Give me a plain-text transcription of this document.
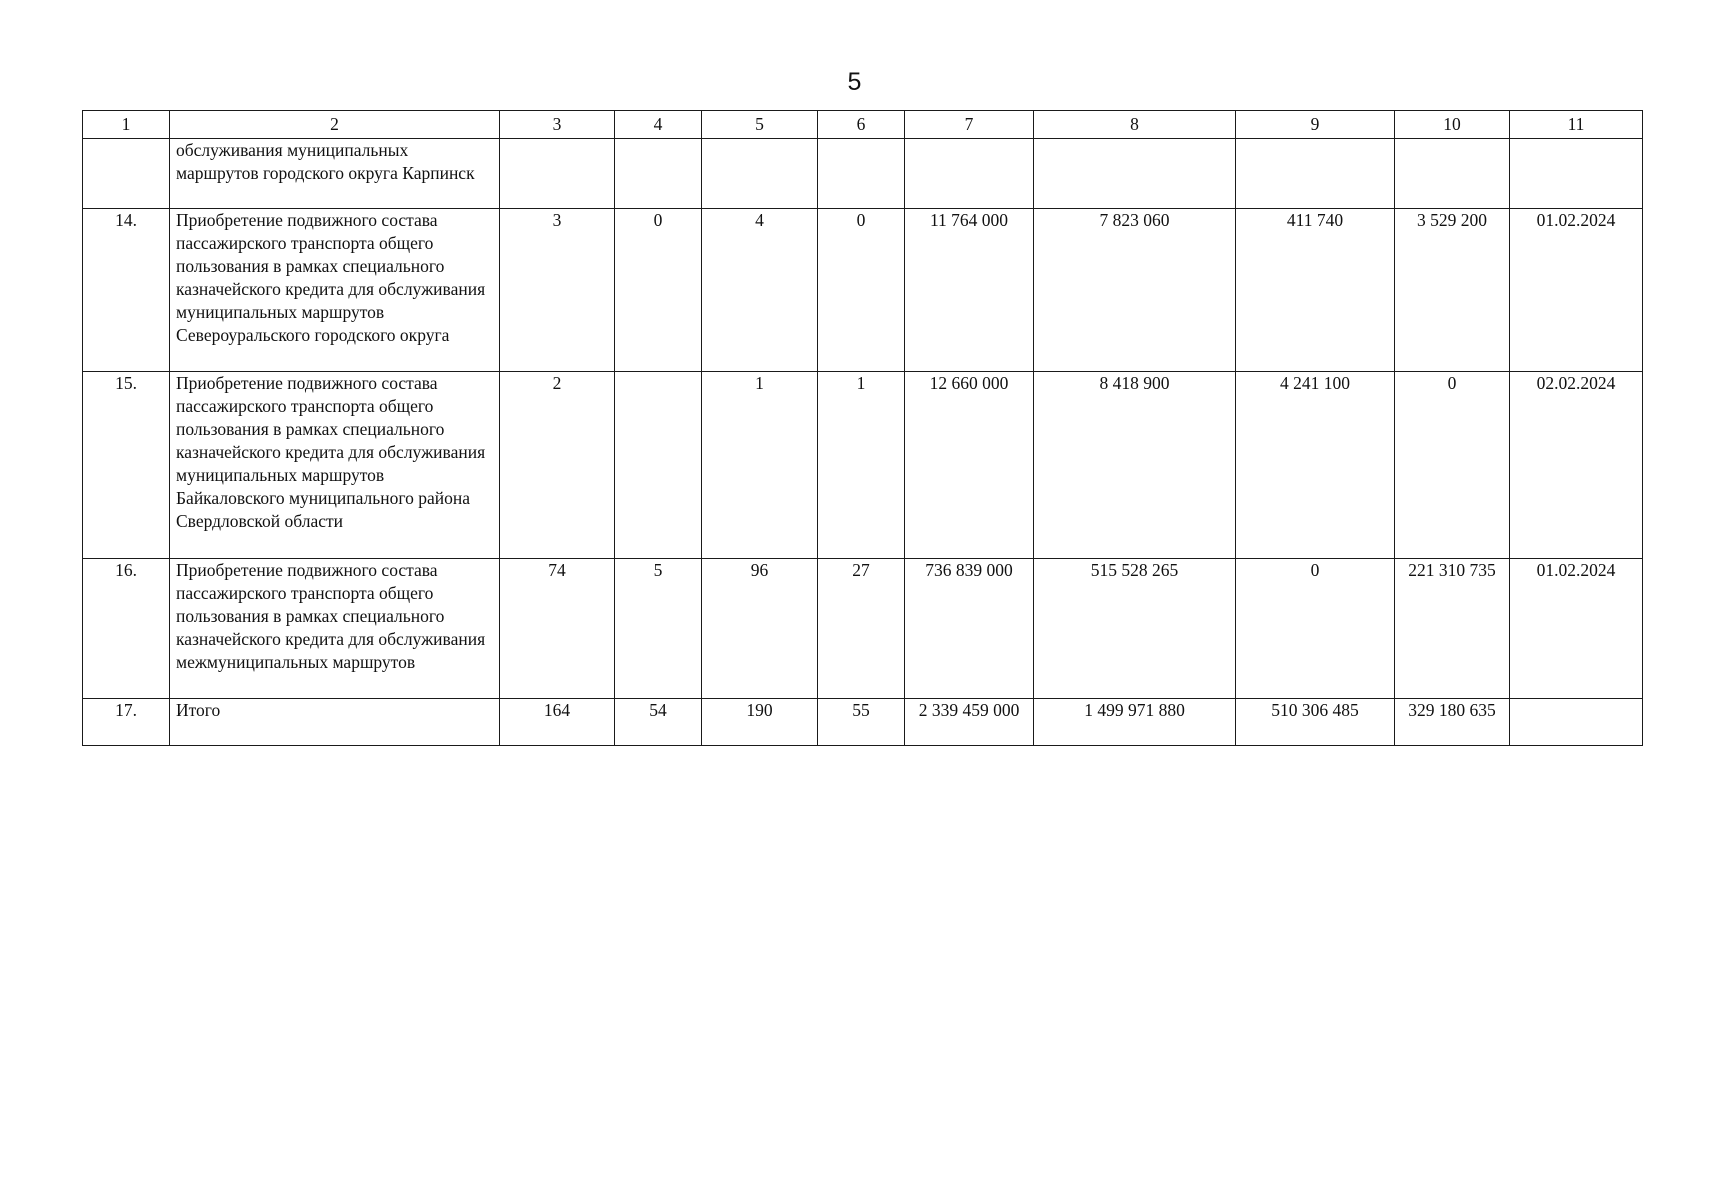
5
1	2	3	4	5	6	7	8	9	10	11
	обслуживания муниципальных маршрутов городского округа Карпинск									
14.	Приобретение подвижного состава пассажирского транспорта общего пользования в рамках специального казначейского кредита для обслуживания муниципальных маршрутов Североуральского городского округа	3	0	4	0	11 764 000	7 823 060	411 740	3 529 200	01.02.2024
15.	Приобретение подвижного состава пассажирского транспорта общего пользования в рамках специального казначейского кредита для обслуживания муниципальных маршрутов Байкаловского муниципального района Свердловской области	2		1	1	12 660 000	8 418 900	4 241 100	0	02.02.2024
16.	Приобретение подвижного состава пассажирского транспорта общего пользования в рамках специального казначейского кредита для обслуживания межмуниципальных маршрутов	74	5	96	27	736 839 000	515 528 265	0	221 310 735	01.02.2024
17.	Итого	164	54	190	55	2 339 459 000	1 499 971 880	510 306 485	329 180 635	
